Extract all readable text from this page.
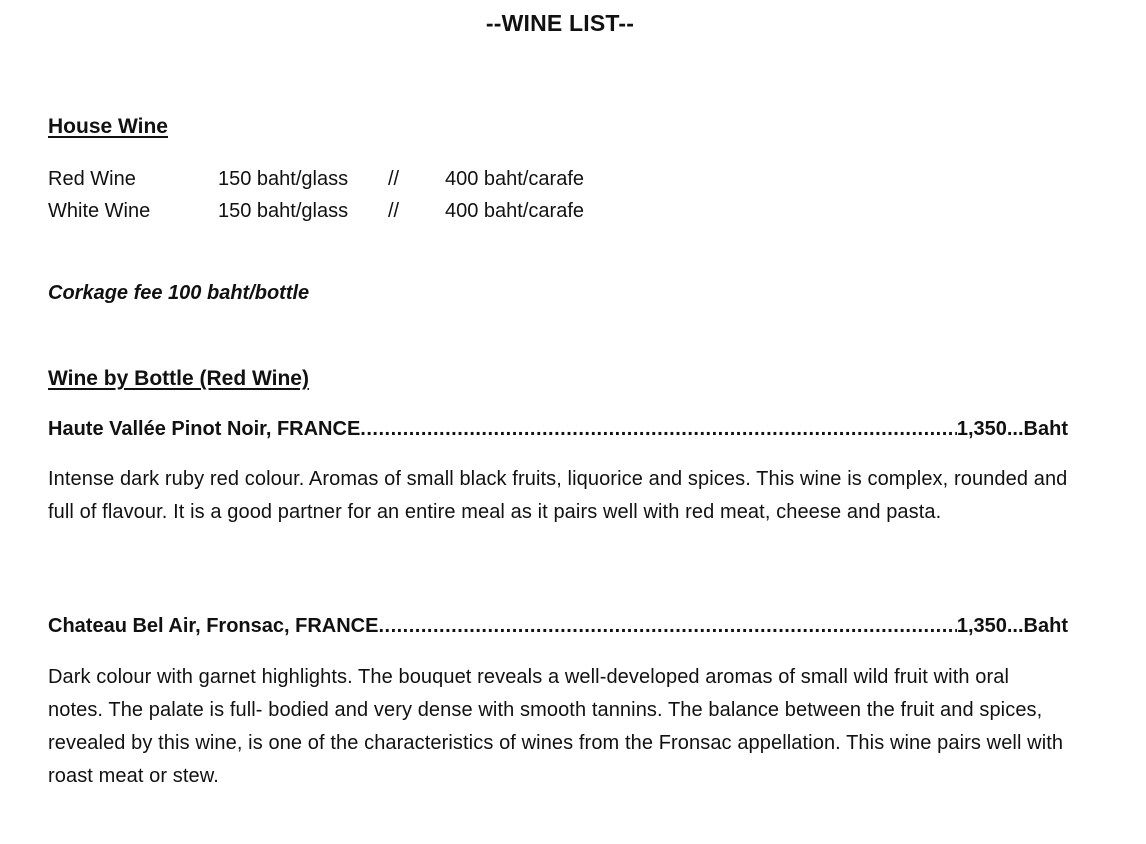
--WINE LIST--
House Wine
Red Wine	150 baht/glass // 400 baht/carafe
White Wine	150 baht/glass // 400 baht/carafe
Corkage fee 100 baht/bottle
Wine by Bottle (Red Wine)
Haute Vallée Pinot Noir, FRANCE .....	1,350...Baht
Intense dark ruby red colour. Aromas of small black fruits, liquorice and spices. This wine is complex, rounded and full of flavour. It is a good partner for an entire meal as it pairs well with red meat, cheese and pasta.
Chateau Bel Air, Fronsac, FRANCE .....	1,350...Baht
Dark colour with garnet highlights. The bouquet reveals a well-developed aromas of small wild fruit with oral notes. The palate is full- bodied and very dense with smooth tannins. The balance between the fruit and spices, revealed by this wine, is one of the characteristics of wines from the Fronsac appellation. This wine pairs well with roast meat or stew.
